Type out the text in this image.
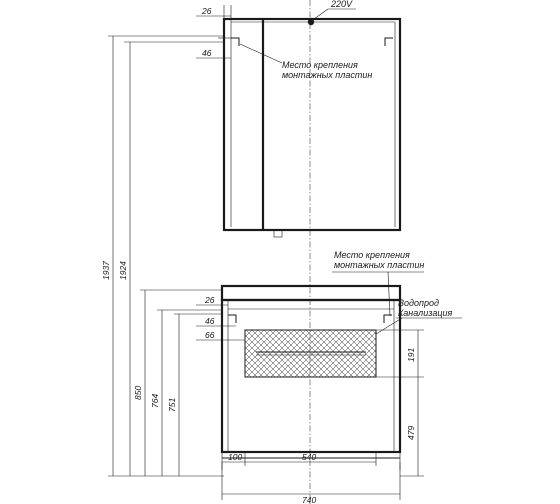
26
46
220V
Место крепления
монтажных пластин
1937 1924
26
46
66
Место крепления
монтажных пластин
Водопрод
Канализация
191
479
850
764 751
100	540
740
